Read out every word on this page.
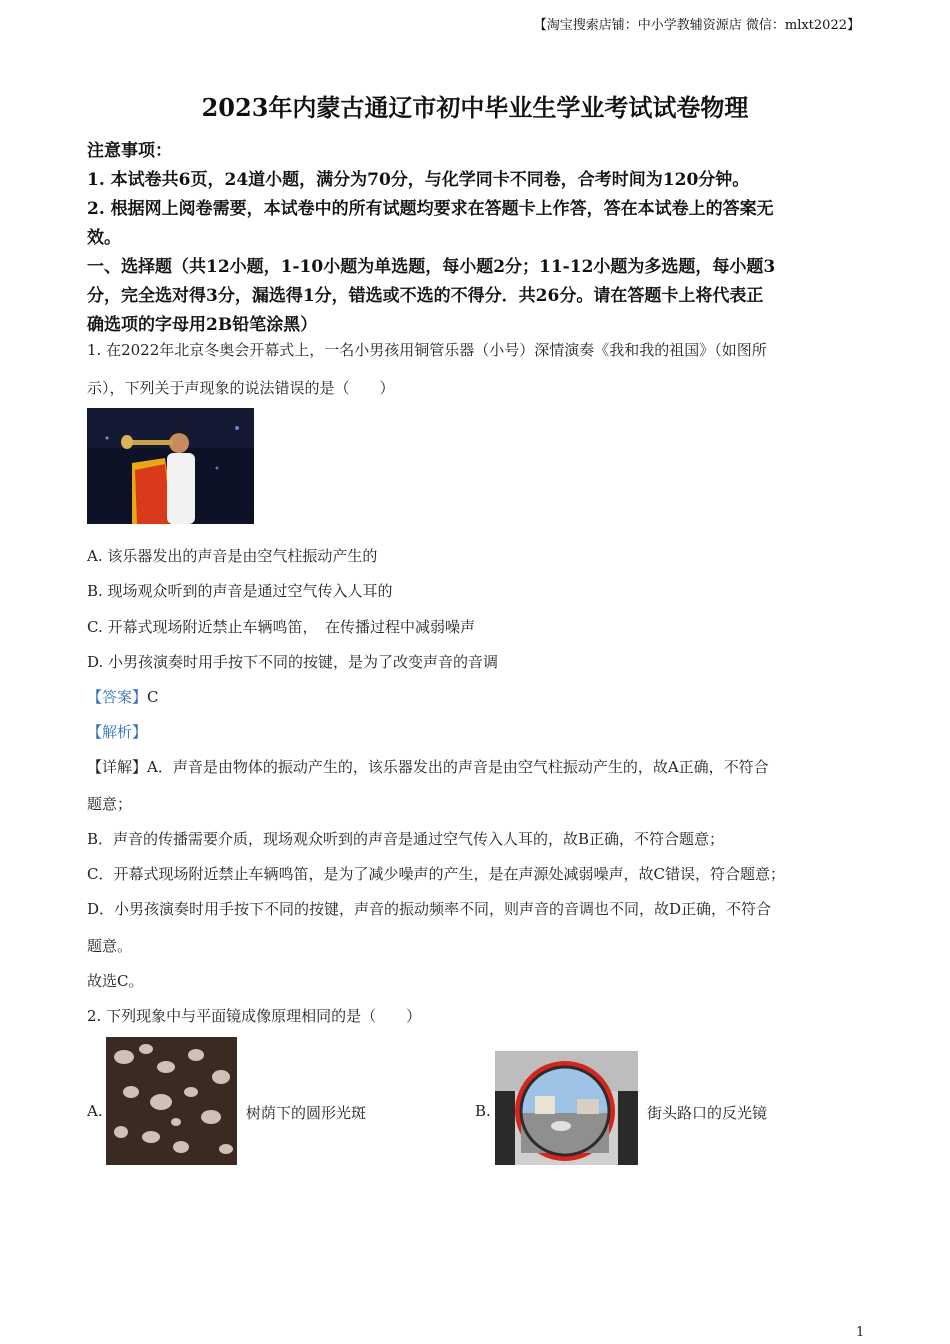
【淘宝搜索店铺：中小学教辅资源店 微信：mlxt2022】
2023年内蒙古通辽市初中毕业生学业考试试卷物理
注意事项：
1. 本试卷共6页，24道小题，满分为70分，与化学同卡不同卷，合考时间为120分钟。
2. 根据网上阅卷需要，本试卷中的所有试题均要求在答题卡上作答，答在本试卷上的答案无
效。
一、选择题（共12小题，1-10小题为单选题，每小题2分；11-12小题为多选题，每小题3
分，完全选对得3分，漏选得1分，错选或不选的不得分．共26分。请在答题卡上将代表正
确选项的字母用2B铅笔涂黑）
1. 在2022年北京冬奥会开幕式上，一名小男孩用铜管乐器（小号）深情演奏《我和我的祖国》（如图所
示），下列关于声现象的说法错误的是（　　）
A. 该乐器发出的声音是由空气柱振动产生的
B. 现场观众听到的声音是通过空气传入人耳的
C. 开幕式现场附近禁止车辆鸣笛，　在传播过程中减弱噪声
D. 小男孩演奏时用手按下不同的按键，是为了改变声音的音调
【答案】C
【解析】
【详解】A．声音是由物体的振动产生的，该乐器发出的声音是由空气柱振动产生的，故A正确，不符合
题意；
B．声音的传播需要介质，现场观众听到的声音是通过空气传入人耳的，故B正确，不符合题意；
C．开幕式现场附近禁止车辆鸣笛，是为了减少噪声的产生，是在声源处减弱噪声，故C错误，符合题意；
D．小男孩演奏时用手按下不同的按键，声音的振动频率不同，则声音的音调也不同，故D正确，不符合
题意。
故选C。
2. 下列现象中与平面镜成像原理相同的是（　　）
A.	树荫下的圆形光斑	B.	街头路口的反光镜
1
